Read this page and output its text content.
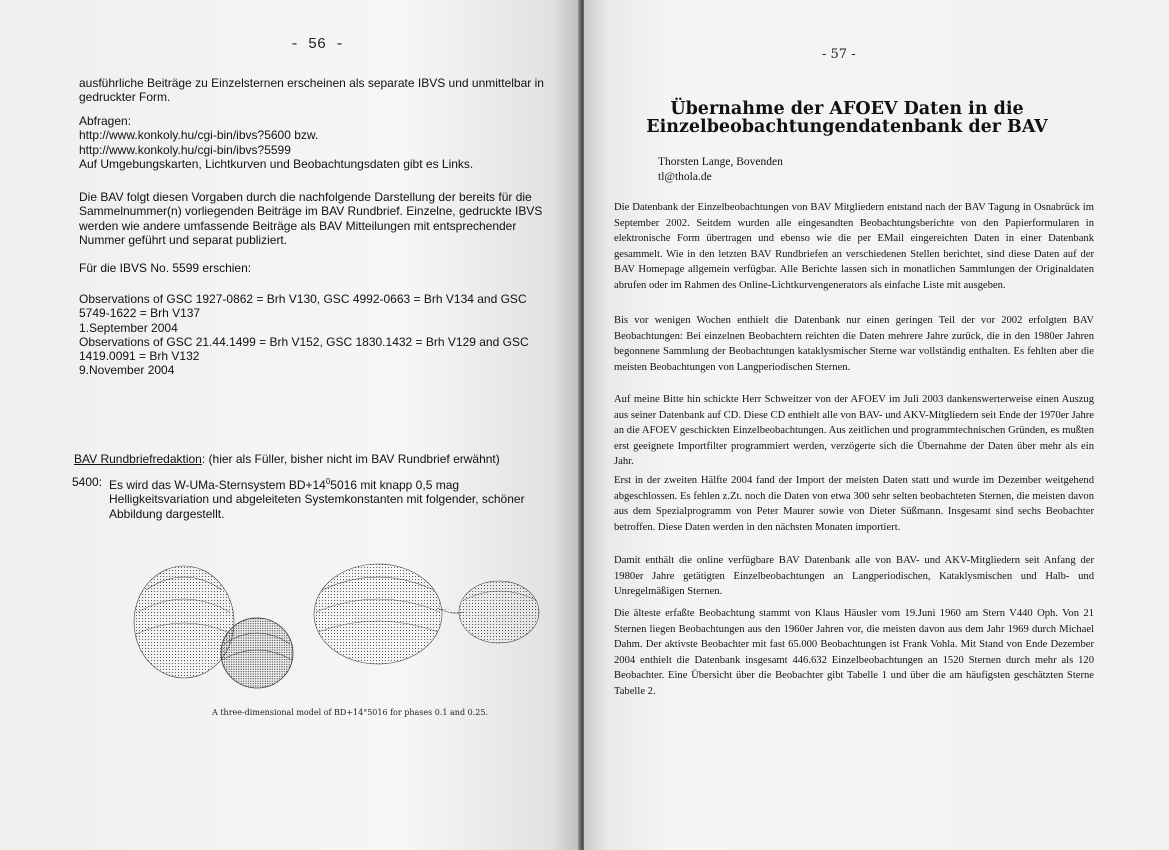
- 56 -

ausführliche Beiträge zu Einzelsternen erscheinen als separate IBVS und unmittelbar in gedruckter Form.

Abfragen:

http://www.konkoly.hu/cgi-bin/ibvs?5600 bzw.

http://www.konkoly.hu/cgi-bin/ibvs?5599

Auf Umgebungskarten, Lichtkurven und Beobachtungsdaten gibt es Links.

Die BAV folgt diesen Vorgaben durch die nachfolgende Darstellung der bereits für die Sammelnummer(n) vorliegenden Beiträge im BAV Rundbrief. Einzelne, gedruckte IBVS werden wie andere umfassende Beiträge als BAV Mitteilungen mit entsprechender Nummer geführt und separat publiziert.

Für die IBVS No. 5599 erschien:

Observations of GSC 1927-0862 = Brh V130, GSC 4992-0663 = Brh V134 and GSC 5749-1622 = Brh V137

1.September 2004

Observations of GSC 21.44.1499 = Brh V152, GSC 1830.1432 = Brh V129 and GSC 1419.0091 = Brh V132

9.November 2004

BAV Rundbriefredaktion: (hier als Füller, bisher nicht im BAV Rundbrief erwähnt)

5400: Es wird das W-UMa-Sternsystem $BD+14^05016$ mit knapp 0,5 mag Helligkeitsvariation und abgeleiteten Systemkonstanten mit folgender, schöner Abbildung dargestellt.
A three-dimensional model of BD+14°5016 for phases 0.1 and 0.25.
- 57 -
Übernahme der AFOEV Daten in die
Einzelbeobachtungendatenbank der BAV
Thorsten Lange, Bovenden
tl@thola.de

Die Datenbank der Einzelbeobachtungen von BAV Mitgliedern entstand nach der BAV Tagung in Osnabrück im September 2002. Seitdem wurden alle eingesandten Beobachtungsberichte von den Papierformularen in elektronische Form übertragen und ebenso wie die per EMail eingereichten Daten in einer Datenbank gesammelt. Wie in den letzten BAV Rundbriefen an verschiedenen Stellen berichtet, sind diese Daten auf der BAV Homepage allgemein verfügbar. Alle Berichte lassen sich in monatlichen Sammlungen der Originaldaten abrufen oder im Rahmen des Online-Lichtkurvengenerators als einfache Liste mit ausgeben.

Bis vor wenigen Wochen enthielt die Datenbank nur einen geringen Teil der vor 2002 erfolgten BAV Beobachtungen: Bei einzelnen Beobachtern reichten die Daten mehrere Jahre zurück, die in den 1980er Jahren begonnene Sammlung der Beobachtungen kataklysmischer Sterne war vollständig enthalten. Es fehlten aber die meisten Beobachtungen von Langperiodischen Sternen.

Auf meine Bitte hin schickte Herr Schweitzer von der AFOEV im Juli 2003 dankenswerterweise einen Auszug aus seiner Datenbank auf CD. Diese CD enthielt alle von BAV- und AKV-Mitgliedern seit Ende der 1970er Jahre an die AFOEV geschickten Einzelbeobachtungen. Aus zeitlichen und programmtechnischen Gründen, es mußten erst geeignete Importfilter programmiert werden, verzögerte sich die Übernahme der Daten über mehr als ein Jahr.

Erst in der zweiten Hälfte 2004 fand der Import der meisten Daten statt und wurde im Dezember weitgehend abgeschlossen. Es fehlen z.Zt. noch die Daten von etwa 300 sehr selten beobachteten Sternen, die meisten davon aus dem Spezialprogramm von Peter Maurer sowie von Dieter Süßmann. Insgesamt sind sechs Beobachter betroffen. Diese Daten werden in den nächsten Monaten importiert.

Damit enthält die online verfügbare BAV Datenbank alle von BAV- und AKV-Mitgliedern seit Anfang der 1980er Jahre getätigten Einzelbeobachtungen an Langperiodischen, Kataklysmischen und Halb- und Unregelmäßigen Sternen.

Die älteste erfaßte Beobachtung stammt von Klaus Häusler vom 19.Juni 1960 am Stern V440 Oph. Von 21 Sternen liegen Beobachtungen aus den 1960er Jahren vor, die meisten davon aus dem Jahr 1969 durch Michael Dahm. Der aktivste Beobachter mit fast 65.000 Beobachtungen ist Frank Vohla. Mit Stand von Ende Dezember 2004 enthielt die Datenbank insgesamt 446.632 Einzelbeobachtungen an 1520 Sternen durch mehr als 120 Beobachter. Eine Übersicht über die Beobachter gibt Tabelle 1 und über die am häufigsten geschätzten Sterne Tabelle 2.
